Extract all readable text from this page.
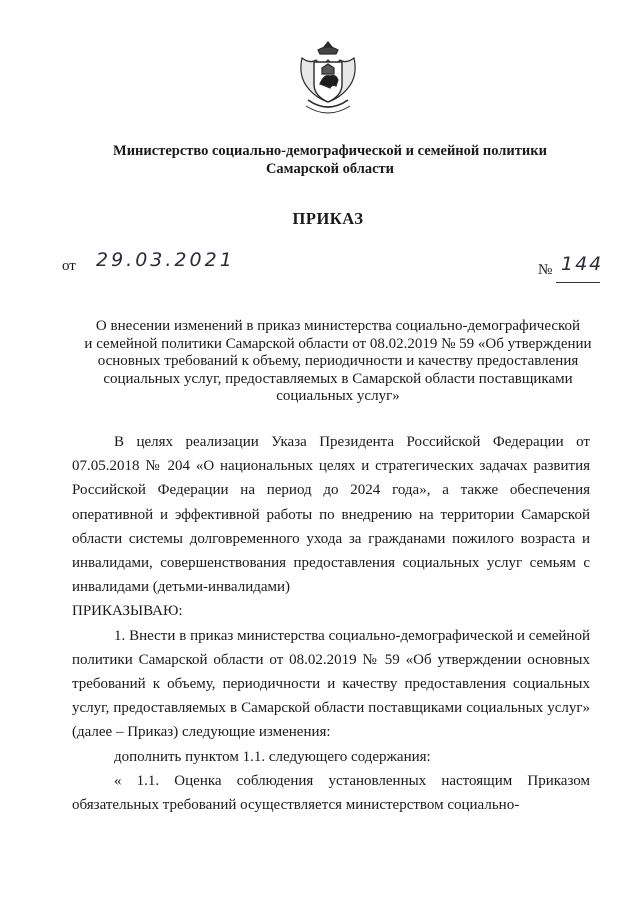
Министерство социально-демографической и семейной политики
Самарской области
ПРИКАЗ
от 29.03.2021	№ 144
О внесении изменений в приказ министерства социально-демографической
и семейной политики Самарской области от 08.02.2019 № 59 «Об утверждении
основных требований к объему, периодичности и качеству предоставления
социальных услуг, предоставляемых в Самарской области поставщиками
социальных услуг»

В целях реализации Указа Президента Российской Федерации от 07.05.2018 № 204 «О национальных целях и стратегических задачах развития Российской Федерации на период до 2024 года», а также обеспечения оперативной и эффективной работы по внедрению на территории Самарской области системы долговременного ухода за гражданами пожилого возраста и инвалидами, совершенствования предоставления социальных услуг семьям с инвалидами (детьми-инвалидами)

ПРИКАЗЫВАЮ:

1. Внести в приказ министерства социально-демографической и семейной политики Самарской области от 08.02.2019 № 59 «Об утверждении основных требований к объему, периодичности и качеству предоставления социальных услуг, предоставляемых в Самарской области поставщиками социальных услуг» (далее – Приказ) следующие изменения:

дополнить пунктом 1.1. следующего содержания:

« 1.1. Оценка соблюдения установленных настоящим Приказом обязательных требований осуществляется министерством социально-
